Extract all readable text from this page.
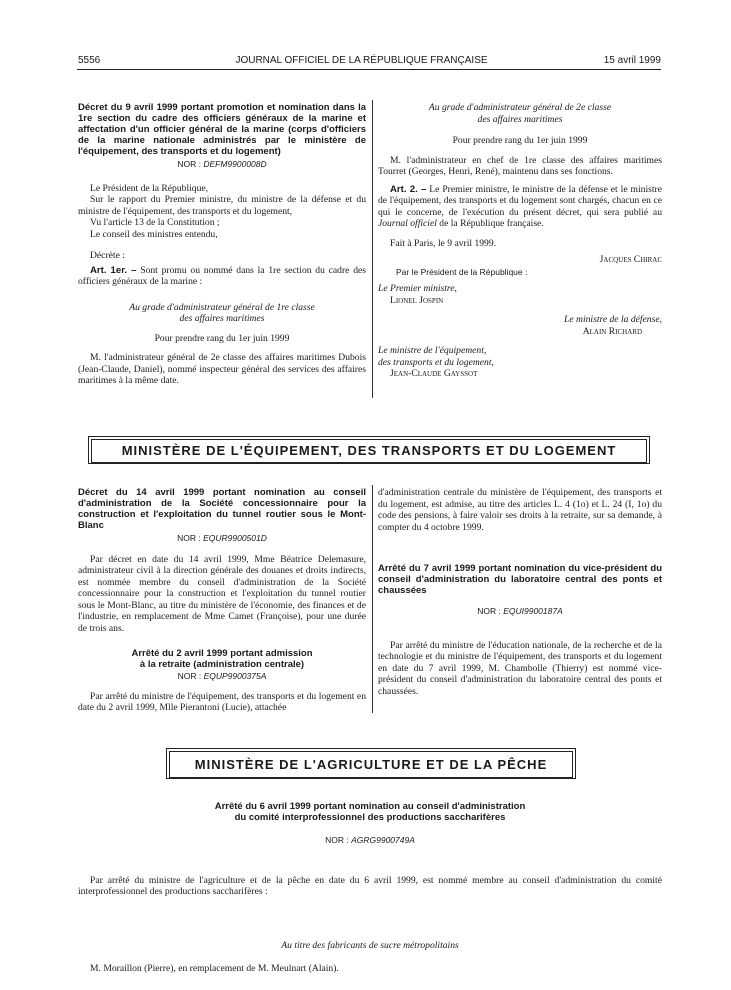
5556	JOURNAL OFFICIEL DE LA RÉPUBLIQUE FRANÇAISE	15 avril 1999

Décret du 9 avril 1999 portant promotion et nomination dans la 1re section du cadre des officiers généraux de la marine et affectation d'un officier général de la marine (corps d'officiers de la marine nationale administrés par le ministère de l'équipement, des transports et du logement)

NOR : DEFM9900008D

Le Président de la République,

Sur le rapport du Premier ministre, du ministre de la défense et du ministre de l'équipement, des transports et du logement,

Vu l'article 13 de la Constitution ;

Le conseil des ministres entendu,

Décrète :

Art. 1er. – Sont promu ou nommé dans la 1re section du cadre des officiers généraux de la marine :

Au grade d'administrateur général de 1re classe

des affaires maritimes

Pour prendre rang du 1er juin 1999

M. l'administrateur général de 2e classe des affaires maritimes Dubois (Jean-Claude, Daniel), nommé inspecteur général des services des affaires maritimes à la même date.

Au grade d'administrateur général de 2e classe

des affaires maritimes

Pour prendre rang du 1er juin 1999

M. l'administrateur en chef de 1re classe des affaires maritimes Tourret (Georges, Henri, René), maintenu dans ses fonctions.

Art. 2. – Le Premier ministre, le ministre de la défense et le ministre de l'équipement, des transports et du logement sont chargés, chacun en ce qui le concerne, de l'exécution du présent décret, qui sera publié au Journal officiel de la République française.

Fait à Paris, le 9 avril 1999.

Jacques Chirac

Par le Président de la République :

Le Premier ministre,

Lionel Jospin

Le ministre de la défense,

Alain Richard

Le ministre de l'équipement,

des transports et du logement,

Jean-Claude Gayssot

MINISTÈRE DE L'ÉQUIPEMENT, DES TRANSPORTS ET DU LOGEMENT

Décret du 14 avril 1999 portant nomination au conseil d'administration de la Société concessionnaire pour la construction et l'exploitation du tunnel routier sous le Mont-Blanc

NOR : EQUR9900501D

Par décret en date du 14 avril 1999, Mme Béatrice Delemasure, administrateur civil à la direction générale des douanes et droits indirects, est nommée membre du conseil d'administration de la Société concessionnaire pour la construction et l'exploitation du tunnel routier sous le Mont-Blanc, au titre du ministère de l'économie, des finances et de l'industrie, en remplacement de Mme Camet (Françoise), pour une durée de trois ans.

Arrêté du 2 avril 1999 portant admission

à la retraite (administration centrale)

NOR : EQUP9900375A

Par arrêté du ministre de l'équipement, des transports et du logement en date du 2 avril 1999, Mlle Pierantoni (Lucie), attachée

d'administration centrale du ministère de l'équipement, des transports et du logement, est admise, au titre des articles L. 4 (1o) et L. 24 (I, 1o) du code des pensions, à faire valoir ses droits à la retraite, sur sa demande, à compter du 4 octobre 1999.

Arrêté du 7 avril 1999 portant nomination du vice-président du conseil d'administration du laboratoire central des ponts et chaussées

NOR : EQUI9900187A

Par arrêté du ministre de l'éducation nationale, de la recherche et de la technologie et du ministre de l'équipement, des transports et du logement en date du 7 avril 1999, M. Chambolle (Thierry) est nommé vice-président du conseil d'administration du laboratoire central des ponts et chaussées.

MINISTÈRE DE L'AGRICULTURE ET DE LA PÊCHE

Arrêté du 6 avril 1999 portant nomination au conseil d'administration

du comité interprofessionnel des productions saccharifères

NOR : AGRG9900749A

Par arrêté du ministre de l'agriculture et de la pêche en date du 6 avril 1999, est nommé membre au conseil d'administration du comité interprofessionnel des productions saccharifères :

Au titre des fabricants de sucre métropolitains

M. Moraillon (Pierre), en remplacement de M. Meulnart (Alain).
